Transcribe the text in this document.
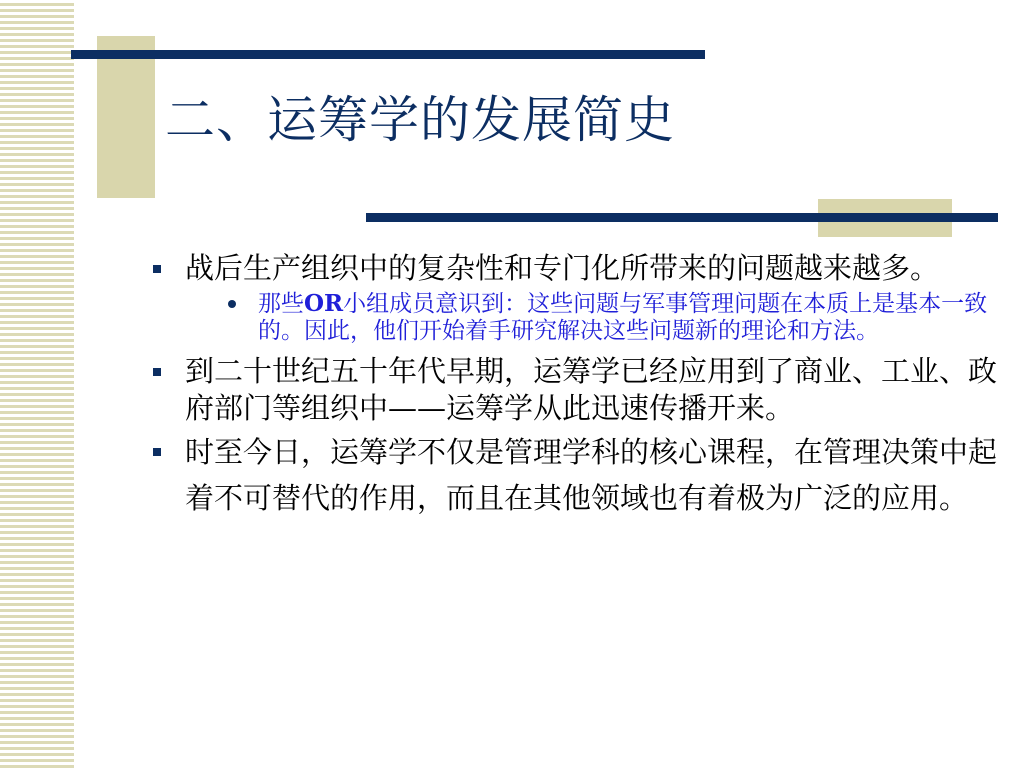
二、运筹学的发展简史
战后生产组织中的复杂性和专门化所带来的问题越来越多。
那些OR小组成员意识到：这些问题与军事管理问题在本质上是基本一致的。因此，他们开始着手研究解决这些问题新的理论和方法。
到二十世纪五十年代早期，运筹学已经应用到了商业、工业、政府部门等组织中——运筹学从此迅速传播开来。
时至今日，运筹学不仅是管理学科的核心课程，在管理决策中起着不可替代的作用，而且在其他领域也有着极为广泛的应用。
